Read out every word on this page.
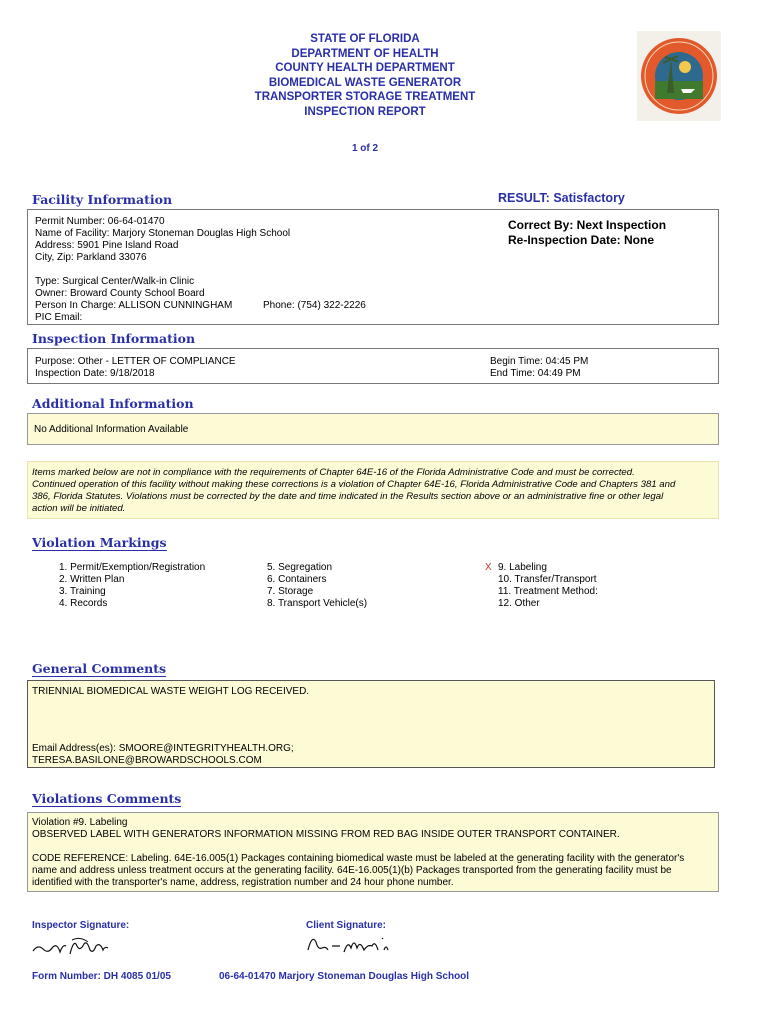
STATE OF FLORIDA
DEPARTMENT OF HEALTH
COUNTY HEALTH DEPARTMENT
BIOMEDICAL WASTE GENERATOR
TRANSPORTER STORAGE TREATMENT
INSPECTION REPORT
1 of 2
Facility Information	RESULT: Satisfactory
Permit Number: 06-64-01470
Name of Facility: Marjory Stoneman Douglas High School
Address: 5901 Pine Island Road
City, Zip: Parkland 33076
Type: Surgical Center/Walk-in Clinic
Owner: Broward County School Board
Person In Charge: ALLISON CUNNINGHAM	Phone: (754) 322-2226
PIC Email:
Correct By: Next Inspection
Re-Inspection Date: None
Inspection Information
Purpose: Other - LETTER OF COMPLIANCE
Inspection Date: 9/18/2018
Begin Time: 04:45 PM
End Time: 04:49 PM
Additional Information
No Additional Information Available
Items marked below are not in compliance with the requirements of Chapter 64E-16 of the Florida Administrative Code and must be corrected.
Continued operation of this facility without making these corrections is a violation of Chapter 64E-16, Florida Administrative Code and Chapters 381 and
386, Florida Statutes. Violations must be corrected by the date and time indicated in the Results section above or an administrative fine or other legal
action will be initiated.
Violation Markings
1. Permit/Exemption/Registration
2. Written Plan
3. Training
4. Records
5. Segregation
6. Containers
7. Storage
8. Transport Vehicle(s)
X 9. Labeling
10. Transfer/Transport
11. Treatment Method:
12. Other
General Comments
TRIENNIAL BIOMEDICAL WASTE WEIGHT LOG RECEIVED.
Email Address(es): SMOORE@INTEGRITYHEALTH.ORG;
TERESA.BASILONE@BROWARDSCHOOLS.COM
Violations Comments
Violation #9. Labeling
OBSERVED LABEL WITH GENERATORS INFORMATION MISSING FROM RED BAG INSIDE OUTER TRANSPORT CONTAINER.
CODE REFERENCE: Labeling. 64E-16.005(1) Packages containing biomedical waste must be labeled at the generating facility with the generator's
name and address unless treatment occurs at the generating facility. 64E-16.005(1)(b) Packages transported from the generating facility must be
identified with the transporter's name, address, registration number and 24 hour phone number.
Inspector Signature:	Client Signature:
Form Number: DH 4085 01/05	06-64-01470 Marjory Stoneman Douglas High School
